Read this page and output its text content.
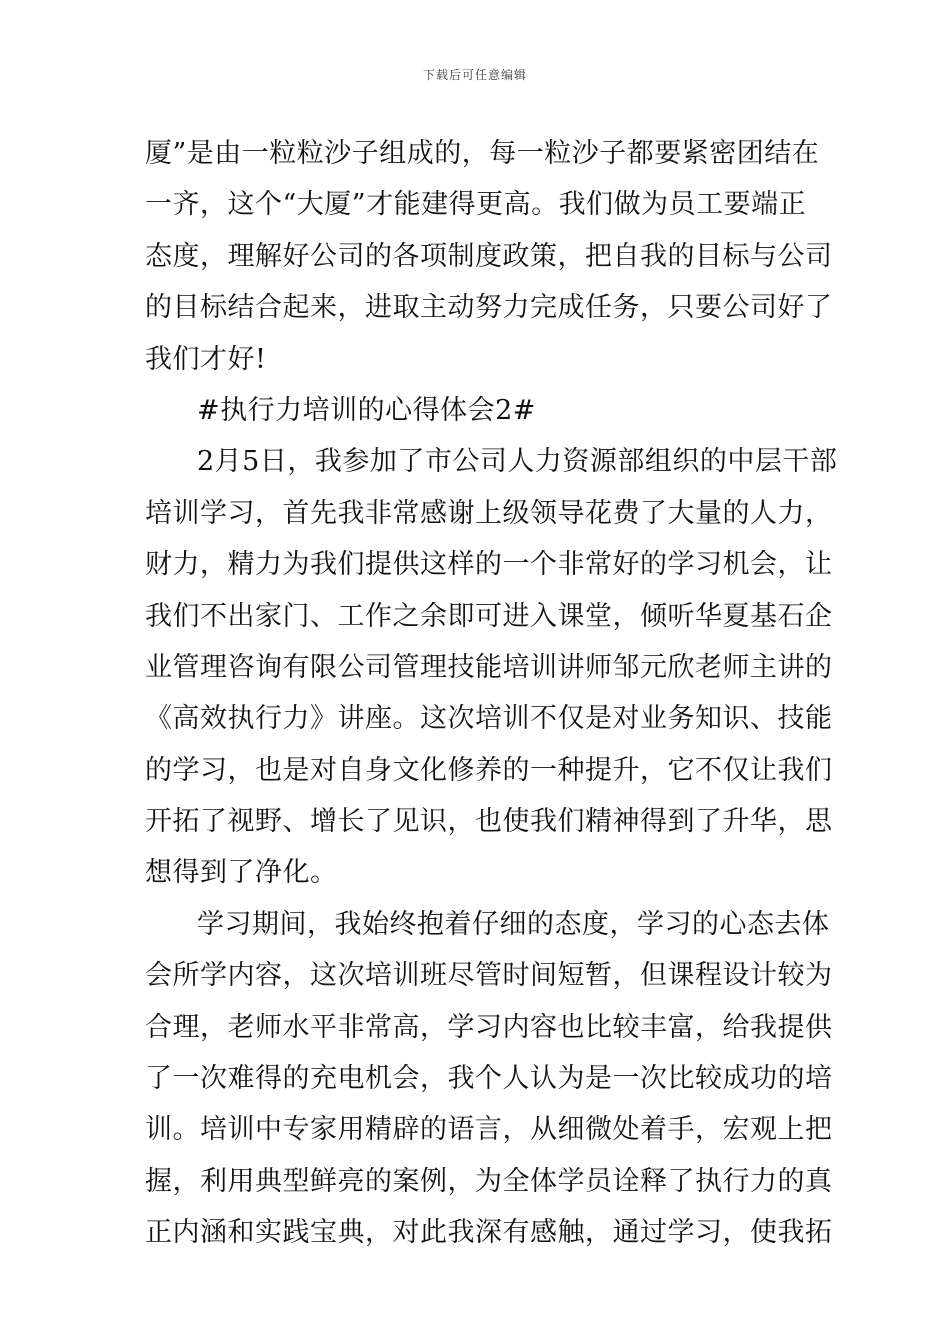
下载后可任意编辑
厦”是由一粒粒沙子组成的，每一粒沙子都要紧密团结在
一齐，这个“大厦”才能建得更高。我们做为员工要端正
态度，理解好公司的各项制度政策，把自我的目标与公司
的目标结合起来，进取主动努力完成任务，只要公司好了
我们才好!
#执行力培训的心得体会2#
2月5日，我参加了市公司人力资源部组织的中层干部
培训学习，首先我非常感谢上级领导花费了大量的人力，
财力，精力为我们提供这样的一个非常好的学习机会，让
我们不出家门、工作之余即可进入课堂，倾听华夏基石企
业管理咨询有限公司管理技能培训讲师邹元欣老师主讲的
《高效执行力》讲座。这次培训不仅是对业务知识、技能
的学习，也是对自身文化修养的一种提升，它不仅让我们
开拓了视野、增长了见识，也使我们精神得到了升华，思
想得到了净化。
学习期间，我始终抱着仔细的态度，学习的心态去体
会所学内容，这次培训班尽管时间短暂，但课程设计较为
合理，老师水平非常高，学习内容也比较丰富，给我提供
了一次难得的充电机会，我个人认为是一次比较成功的培
训。培训中专家用精辟的语言，从细微处着手，宏观上把
握，利用典型鲜亮的案例，为全体学员诠释了执行力的真
正内涵和实践宝典，对此我深有感触，通过学习，使我拓
